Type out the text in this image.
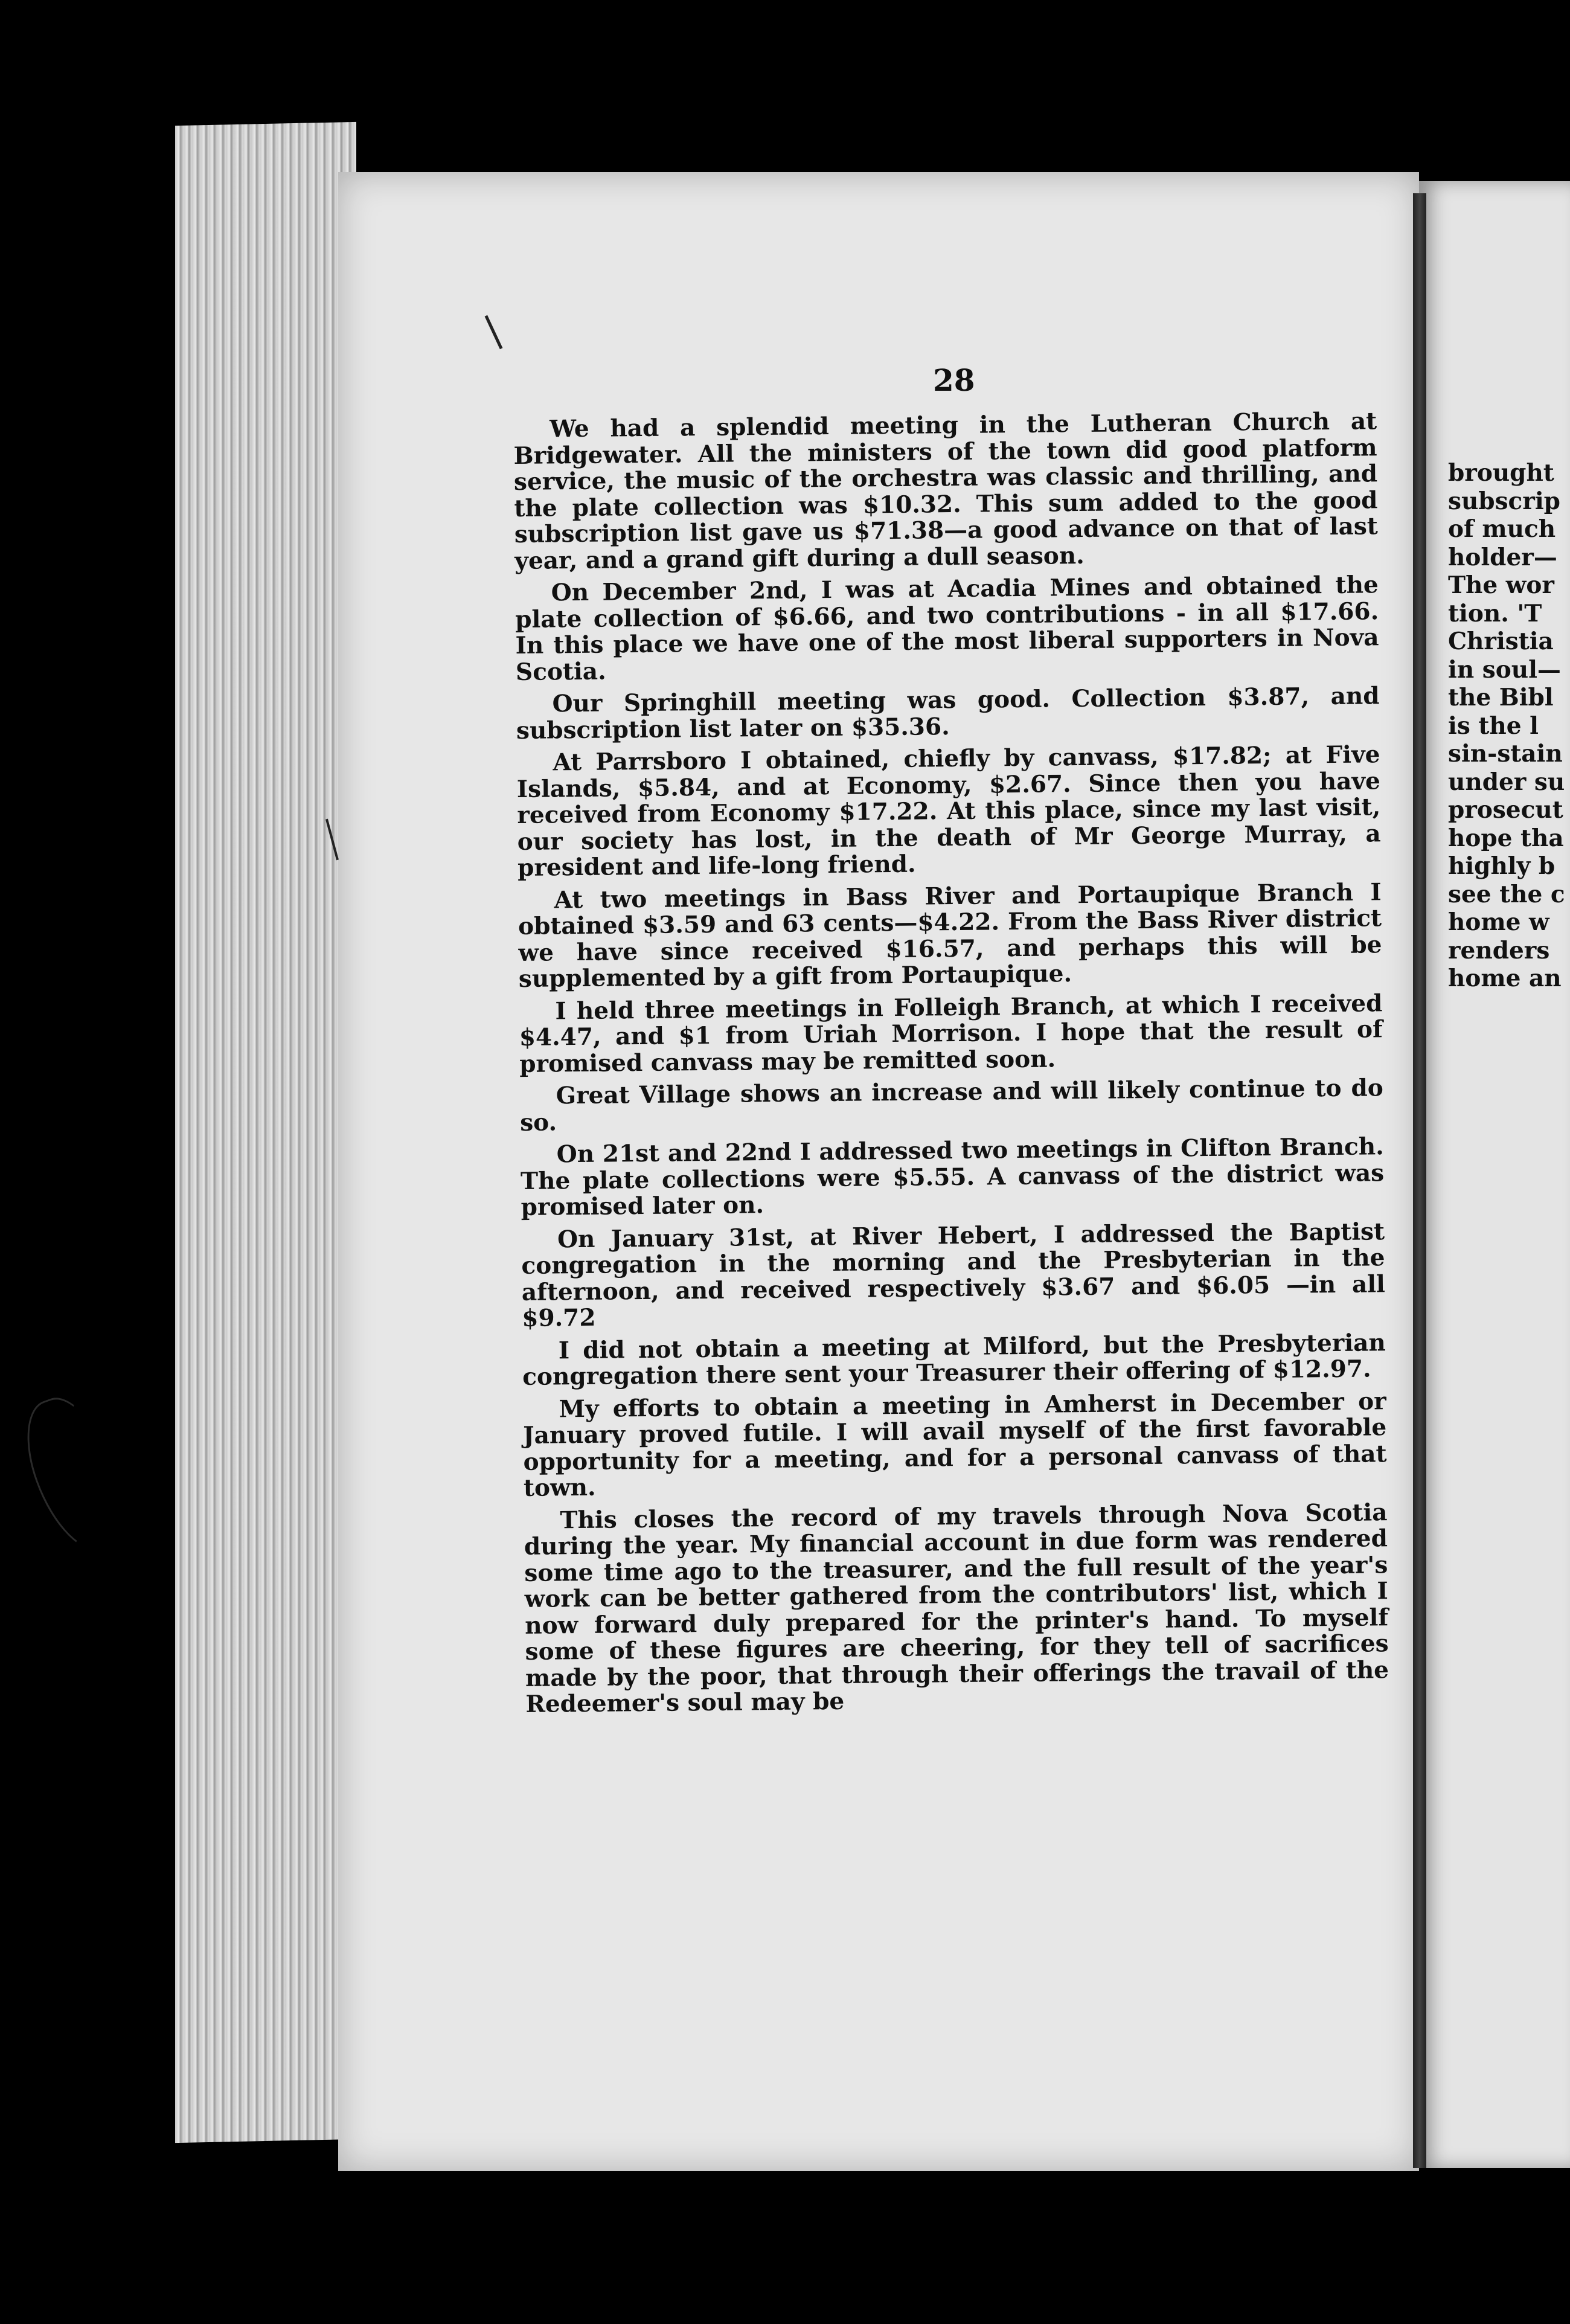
28

We had a splendid meeting in the Lutheran Church at Bridgewater. All the ministers of the town did good platform service, the music of the orchestra was classic and thrilling, and the plate collection was $10.32. This sum added to the good subscription list gave us $71.38—a good advance on that of last year, and a grand gift during a dull season.

On December 2nd, I was at Acadia Mines and obtained the plate collection of $6.66, and two contributions - in all $17.66. In this place we have one of the most liberal supporters in Nova Scotia.

Our Springhill meeting was good. Collection $3.87, and subscription list later on $35.36.

At Parrsboro I obtained, chiefly by canvass, $17.82; at Five Islands, $5.84, and at Economy, $2.67. Since then you have received from Economy $17.22. At this place, since my last visit, our society has lost, in the death of Mr George Murray, a president and life-long friend.

At two meetings in Bass River and Portaupique Branch I obtained $3.59 and 63 cents—$4.22. From the Bass River district we have since received $16.57, and perhaps this will be supplemented by a gift from Portaupique.

I held three meetings in Folleigh Branch, at which I received $4.47, and $1 from Uriah Morrison. I hope that the result of promised canvass may be remitted soon.

Great Village shows an increase and will likely continue to do so.

On 21st and 22nd I addressed two meetings in Clifton Branch. The plate collections were $5.55. A canvass of the district was promised later on.

On January 31st, at River Hebert, I addressed the Baptist congregation in the morning and the Presbyterian in the afternoon, and received respectively $3.67 and $6.05 —in all $9.72

I did not obtain a meeting at Milford, but the Presbyterian congregation there sent your Treasurer their offering of $12.97.

My efforts to obtain a meeting in Amherst in December or January proved futile. I will avail myself of the first favorable opportunity for a meeting, and for a personal canvass of that town.

This closes the record of my travels through Nova Scotia during the year. My financial account in due form was rendered some time ago to the treasurer, and the full result of the year's work can be better gathered from the contributors' list, which I now forward duly prepared for the printer's hand. To myself some of these figures are cheering, for they tell of sacrifices made by the poor, that through their offerings the travail of the Redeemer's soul may be

brought
subscrip
of much
holder—
The wor
tion. 'T
Christia
in soul—
the Bibl
is the l
sin-stain
under su
prosecut
hope tha
highly b
see the c
home w
renders
home an
